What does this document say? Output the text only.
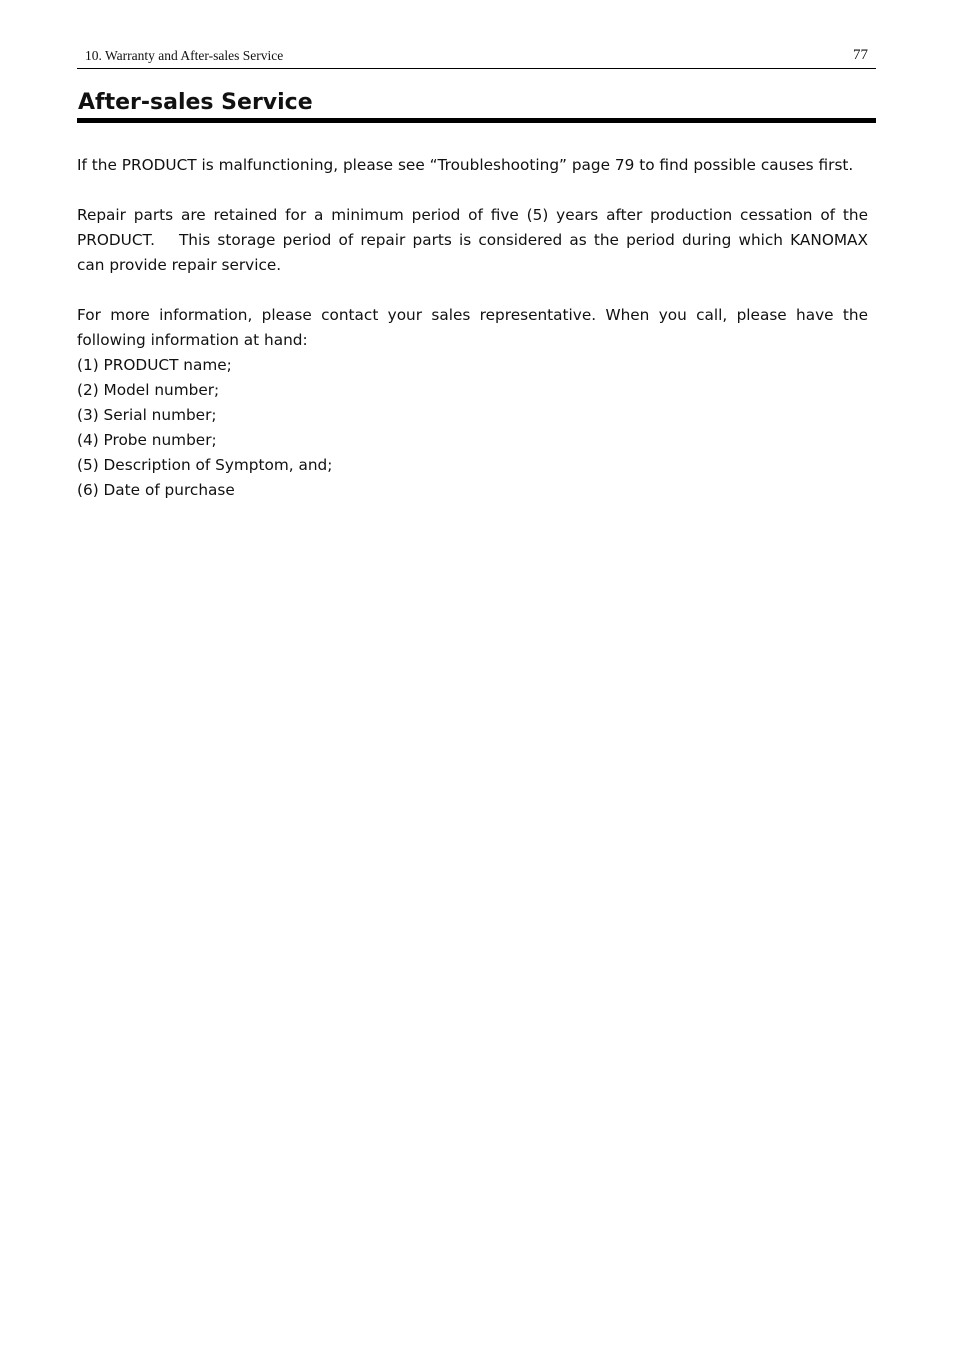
10. Warranty and After-sales Service	77
After-sales Service

If the PRODUCT is malfunctioning, please see “Troubleshooting” page 79 to find possible causes first.

Repair parts are retained for a minimum period of five (5) years after production cessation of the PRODUCT. This storage period of repair parts is considered as the period during which KANOMAX can provide repair service.

For more information, please contact your sales representative. When you call, please have the following information at hand:

(1) PRODUCT name;
(2) Model number;
(3) Serial number;
(4) Probe number;
(5) Description of Symptom, and;
(6) Date of purchase
